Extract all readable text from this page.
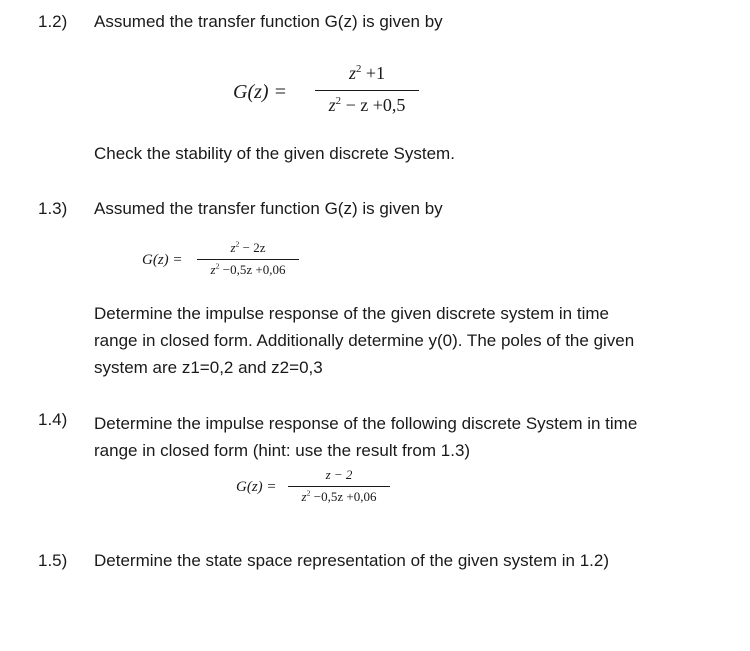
1.2) Assumed the transfer function G(z) is given by
G(z) =
$z^2 +1$
$z^2 - z +0,5$
Check the stability of the given discrete System.
1.3) Assumed the transfer function G(z) is given by
G(z) =
$z^2 - 2z$
$z^2 -0,5z +0,06$
Determine the impulse response of the given discrete system in time
range in closed form. Additionally determine y(0). The poles of the given
system are z1=0,2 and z2=0,3
1.4) Determine the impulse response of the following discrete System in time
range in closed form (hint: use the result from 1.3)
G(z) =
z − 2
$z^2 -0,5z +0,06$
1.5) Determine the state space representation of the given system in 1.2)
